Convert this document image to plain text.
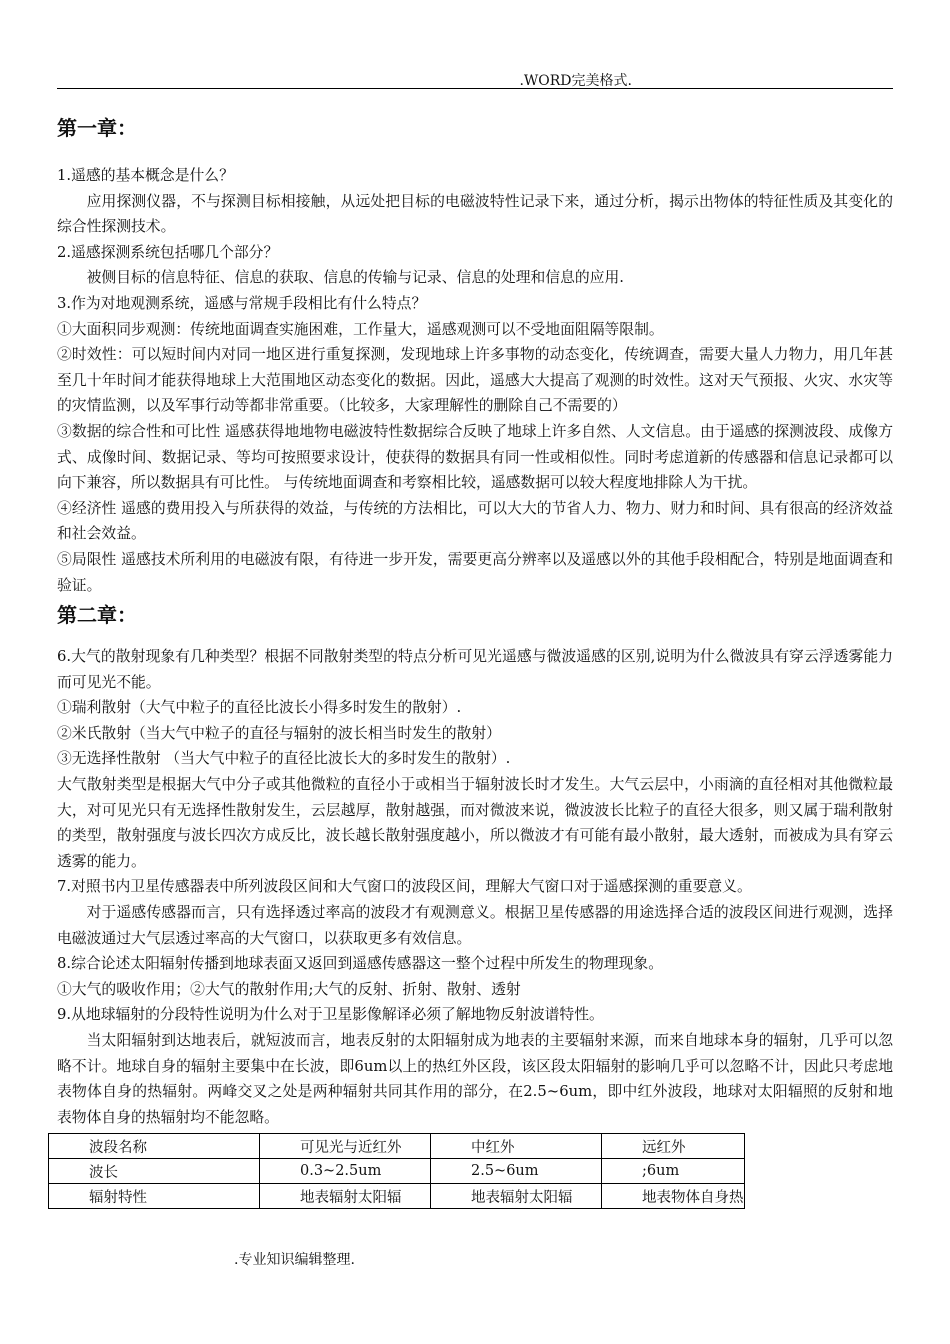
.WORD完美格式.
第一章：

1.遥感的基本概念是什么？

应用探测仪器，不与探测目标相接触，从远处把目标的电磁波特性记录下来，通过分析，揭示出物体的特征性质及其变化的综合性探测技术。

2.遥感探测系统包括哪几个部分？

被侧目标的信息特征、信息的获取、信息的传输与记录、信息的处理和信息的应用.

3.作为对地观测系统，遥感与常规手段相比有什么特点？

①大面积同步观测：传统地面调查实施困难，工作量大，遥感观测可以不受地面阻隔等限制。

②时效性：可以短时间内对同一地区进行重复探测，发现地球上许多事物的动态变化，传统调查，需要大量人力物力，用几年甚至几十年时间才能获得地球上大范围地区动态变化的数据。因此，遥感大大提高了观测的时效性。这对天气预报、火灾、水灾等的灾情监测，以及军事行动等都非常重要。（比较多，大家理解性的删除自己不需要的）

③数据的综合性和可比性 遥感获得地地物电磁波特性数据综合反映了地球上许多自然、人文信息。由于遥感的探测波段、成像方式、成像时间、数据记录、等均可按照要求设计，使获得的数据具有同一性或相似性。同时考虑道新的传感器和信息记录都可以向下兼容，所以数据具有可比性。 与传统地面调查和考察相比较，遥感数据可以较大程度地排除人为干扰。

④经济性 遥感的费用投入与所获得的效益，与传统的方法相比，可以大大的节省人力、物力、财力和时间、具有很高的经济效益和社会效益。

⑤局限性 遥感技术所利用的电磁波有限，有待进一步开发，需要更高分辨率以及遥感以外的其他手段相配合，特别是地面调查和验证。

第二章：

6.大气的散射现象有几种类型？根据不同散射类型的特点分析可见光遥感与微波遥感的区别,说明为什么微波具有穿云浮透雾能力而可见光不能。

①瑞利散射（大气中粒子的直径比波长小得多时发生的散射）.

②米氏散射（当大气中粒子的直径与辐射的波长相当时发生的散射）

③无选择性散射 （当大气中粒子的直径比波长大的多时发生的散射）.

大气散射类型是根据大气中分子或其他微粒的直径小于或相当于辐射波长时才发生。大气云层中，小雨滴的直径相对其他微粒最大，对可见光只有无选择性散射发生，云层越厚，散射越强，而对微波来说，微波波长比粒子的直径大很多，则又属于瑞利散射的类型，散射强度与波长四次方成反比，波长越长散射强度越小，所以微波才有可能有最小散射，最大透射，而被成为具有穿云透雾的能力。

7.对照书内卫星传感器表中所列波段区间和大气窗口的波段区间，理解大气窗口对于遥感探测的重要意义。

对于遥感传感器而言，只有选择透过率高的波段才有观测意义。根据卫星传感器的用途选择合适的波段区间进行观测，选择电磁波通过大气层透过率高的大气窗口，以获取更多有效信息。

8.综合论述太阳辐射传播到地球表面又返回到遥感传感器这一整个过程中所发生的物理现象。

①大气的吸收作用；②大气的散射作用;大气的反射、折射、散射、透射

9.从地球辐射的分段特性说明为什么对于卫星影像解译必须了解地物反射波谱特性。

当太阳辐射到达地表后，就短波而言，地表反射的太阳辐射成为地表的主要辐射来源，而来自地球本身的辐射，几乎可以忽略不计。地球自身的辐射主要集中在长波，即6um以上的热红外区段，该区段太阳辐射的影响几乎可以忽略不计，因此只考虑地表物体自身的热辐射。两峰交叉之处是两种辐射共同其作用的部分，在2.5~6um，即中红外波段，地球对太阳辐照的反射和地表物体自身的热辐射均不能忽略。

波段名称	可见光与近红外	中红外	远红外
波长	0.3~2.5um	2.5~6um	;6um
辐射特性	地表辐射太阳辐	地表辐射太阳辐	地表物体自身热
.专业知识编辑整理.
